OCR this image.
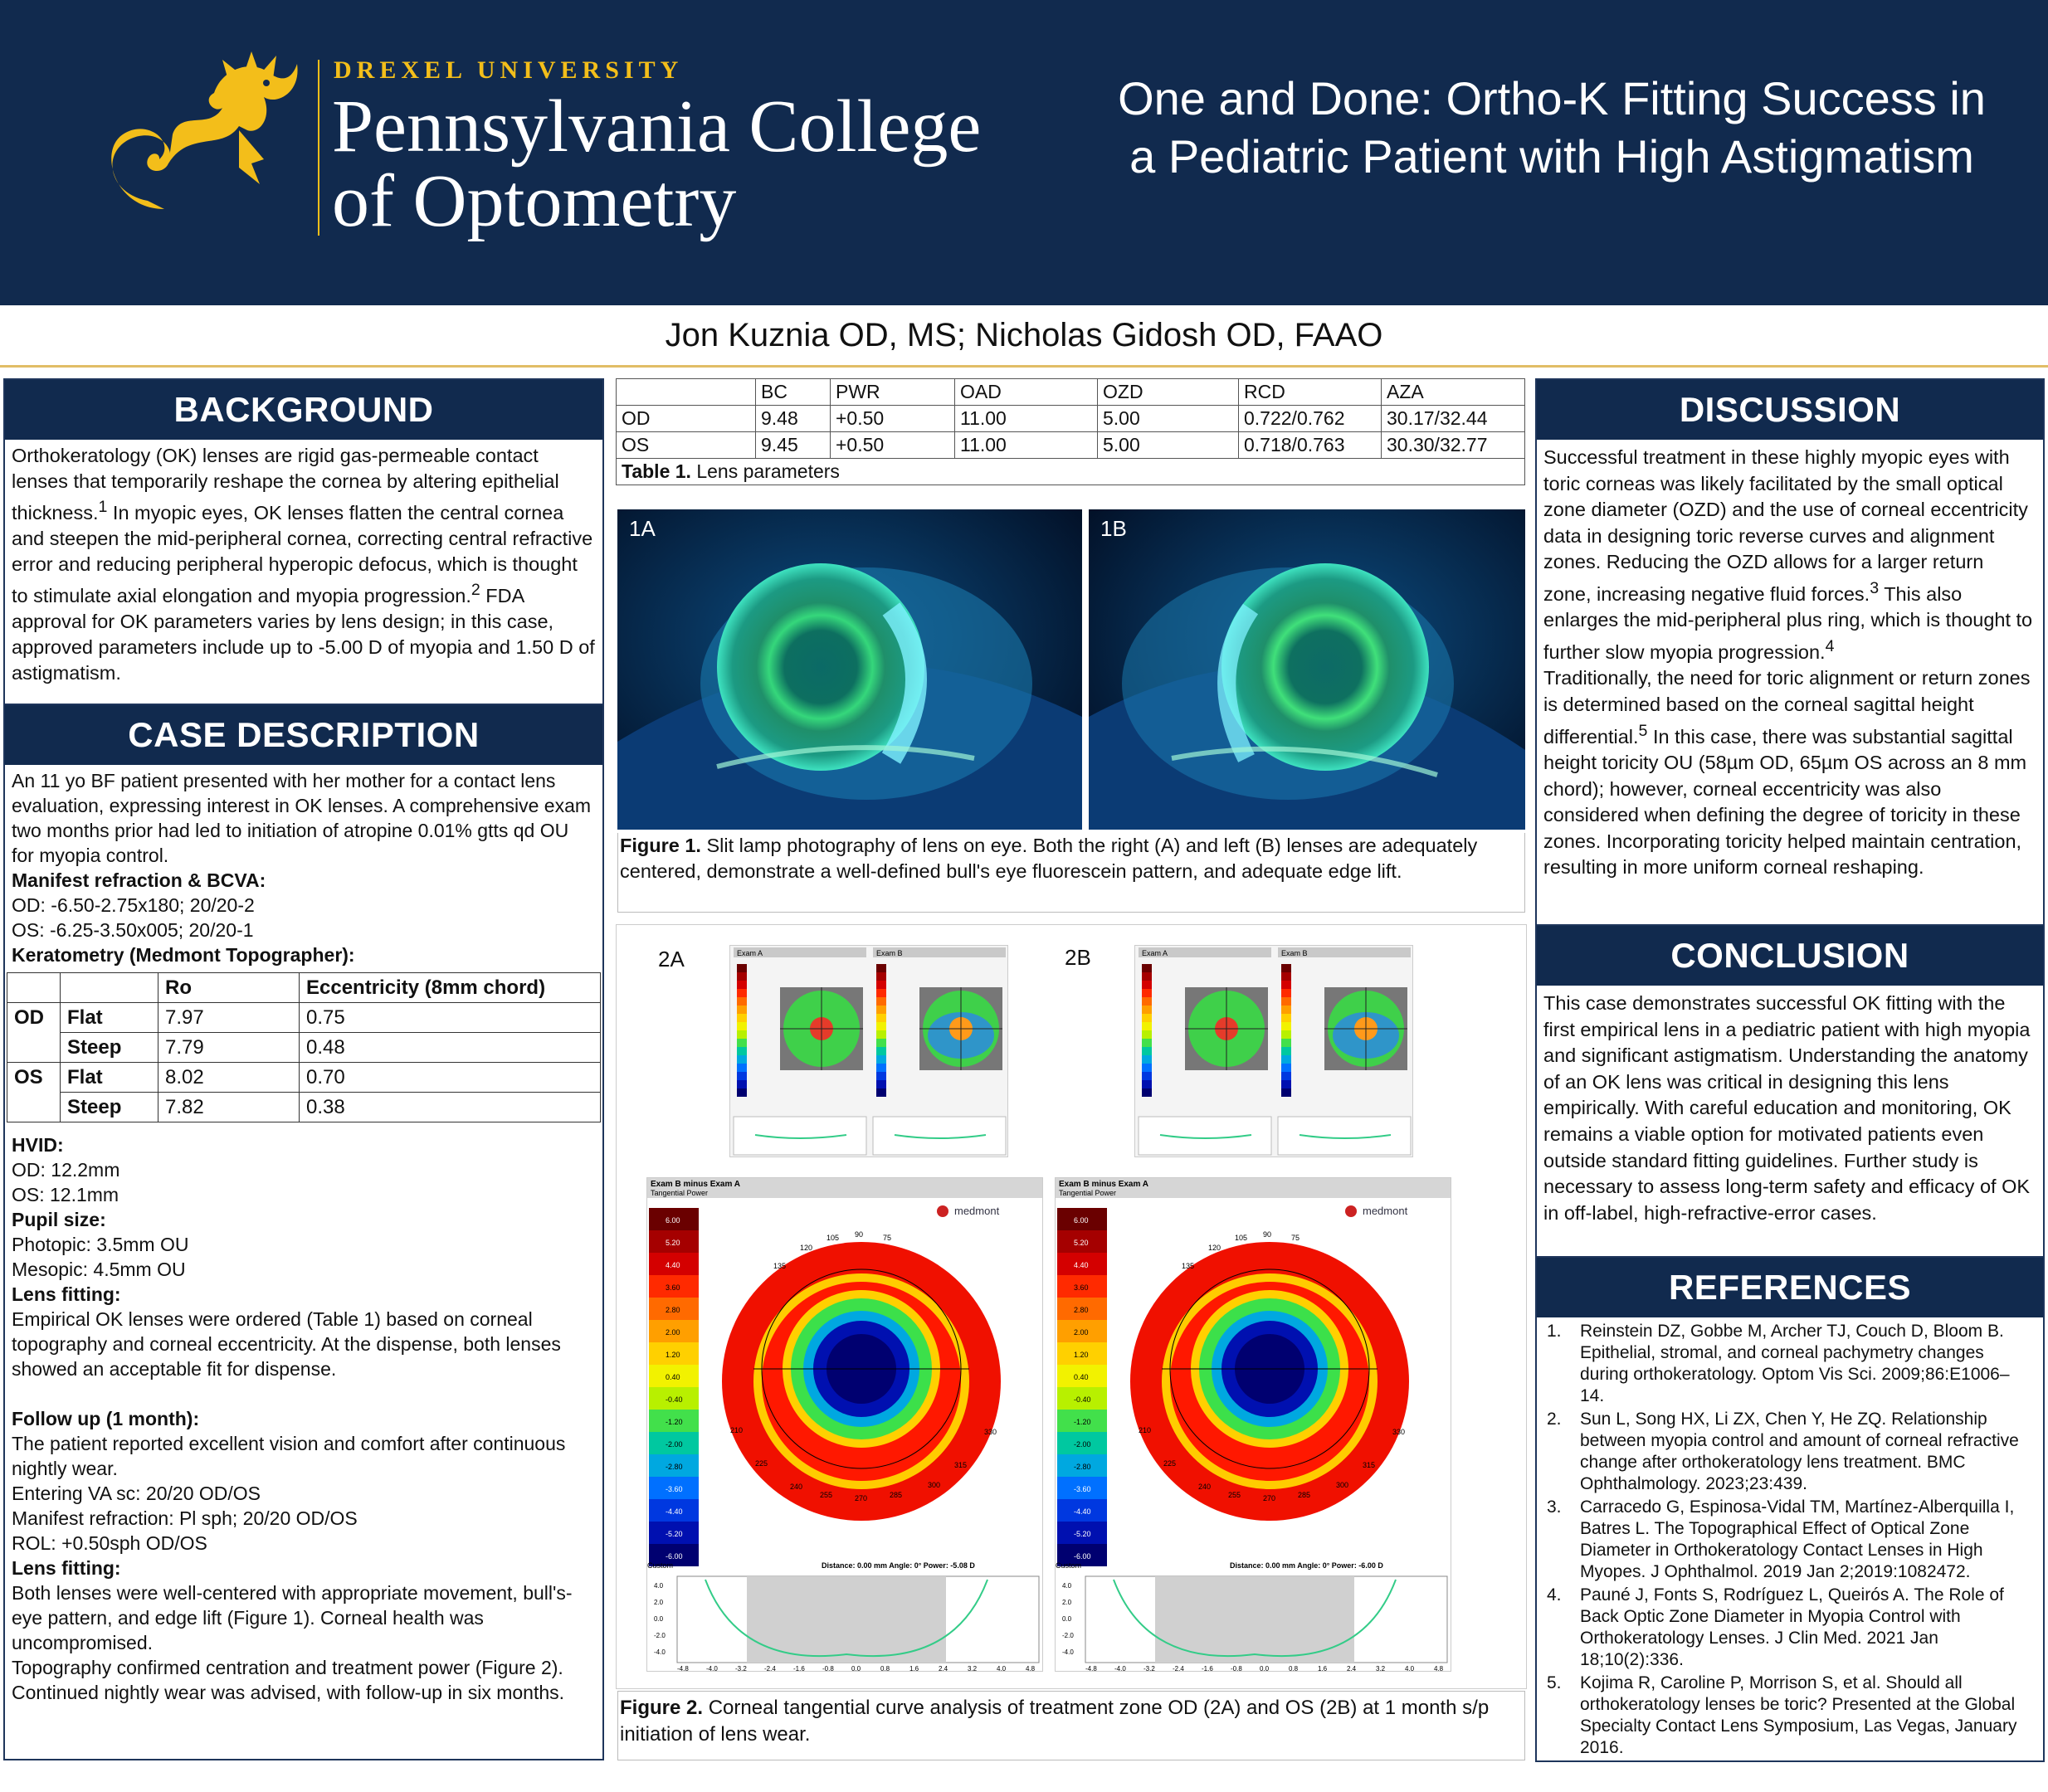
DREXEL UNIVERSITY
Pennsylvania College
of Optometry
One and Done: Ortho-K Fitting Success in
a Pediatric Patient with High Astigmatism
Jon Kuznia OD, MS; Nicholas Gidosh OD, FAAO
BACKGROUND
Orthokeratology (OK) lenses are rigid gas-permeable contact lenses that temporarily reshape the cornea by altering epithelial thickness.$^1$ In myopic eyes, OK lenses flatten the central cornea and steepen the mid-peripheral cornea, correcting central refractive error and reducing peripheral hyperopic defocus, which is thought to stimulate axial elongation and myopia progression.$^2$ FDA approval for OK parameters varies by lens design; in this case, approved parameters include up to -5.00 D of myopia and 1.50 D of astigmatism.
CASE DESCRIPTION
An 11 yo BF patient presented with her mother for a contact lens evaluation, expressing interest in OK lenses. A comprehensive exam two months prior had led to initiation of atropine 0.01% gtts qd OU for myopia control.
Manifest refraction & BCVA:
OD: -6.50-2.75x180; 20/20-2
OS: -6.25-3.50x005; 20/20-1
Keratometry (Medmont Topographer):
		Ro	Eccentricity (8mm chord)
OD	Flat	7.97	0.75
	Steep	7.79	0.48
OS	Flat	8.02	0.70
	Steep	7.82	0.38
HVID:
OD: 12.2mm
OS: 12.1mm
Pupil size:
Photopic: 3.5mm OU
Mesopic: 4.5mm OU
Lens fitting:
Empirical OK lenses were ordered (Table 1) based on corneal topography and corneal eccentricity. At the dispense, both lenses showed an acceptable fit for dispense.
Follow up (1 month):
The patient reported excellent vision and comfort after continuous nightly wear.
Entering VA sc: 20/20 OD/OS
Manifest refraction: Pl sph; 20/20 OD/OS
ROL: +0.50sph OD/OS
Lens fitting:
Both lenses were well-centered with appropriate movement, bull's-eye pattern, and edge lift (Figure 1). Corneal health was uncompromised.
Topography confirmed centration and treatment power (Figure 2).
Continued nightly wear was advised, with follow-up in six months.
	BC	PWR	OAD	OZD	RCD	AZA
OD	9.48	+0.50	11.00	5.00	0.722/0.762	30.17/32.44
OS	9.45	+0.50	11.00	5.00	0.718/0.763	30.30/32.77
Table 1. Lens parameters						
1A	1B
Figure 1. Slit lamp photography of lens on eye. Both the right (A) and left (B) lenses are adequately centered, demonstrate a well-defined bull's eye fluorescein pattern, and adequate edge lift.
2A	2B
Exam A	Exam B	Exam A	Exam B
Exam B minus Exam A
Tangential Power
medmont
6.00
5.20
4.40
3.60
2.80
2.00
1.20
0.40
-0.40
-1.20
-2.00
-2.80
-3.60
-4.40
-5.20
-6.00
90
105	75
120
135
210
225
240
255	270	285
300
315
330
Custom	Distance: 0.00 mm Angle: 0° Power: -5.08 D
4.0
2.0
0.0
-2.0
-4.0
-4.8	-4.0	-3.2	-2.4	-1.6	-0.8	0.0	0.8	1.6	2.4	3.2	4.0	4.8
Exam B minus Exam A
Tangential Power
medmont
6.00
5.20
4.40
3.60
2.80
2.00
1.20
0.40
-0.40
-1.20
-2.00
-2.80
-3.60
-4.40
-5.20
-6.00
90
105	75
120
135
210
225
240
255	270	285
300
315
330
Custom	Distance: 0.00 mm Angle: 0° Power: -6.00 D
4.0
2.0
0.0
-2.0
-4.0
-4.8	-4.0	-3.2	-2.4	-1.6	-0.8	0.0	0.8	1.6	2.4	3.2	4.0	4.8
Figure 2. Corneal tangential curve analysis of treatment zone OD (2A) and OS (2B) at 1 month s/p initiation of lens wear.
DISCUSSION
Successful treatment in these highly myopic eyes with toric corneas was likely facilitated by the small optical zone diameter (OZD) and the use of corneal eccentricity data in designing toric reverse curves and alignment zones. Reducing the OZD allows for a larger return zone, increasing negative fluid forces.$^3$ This also enlarges the mid-peripheral plus ring, which is thought to further slow myopia progression.$^4$
Traditionally, the need for toric alignment or return zones is determined based on the corneal sagittal height differential.$^5$ In this case, there was substantial sagittal height toricity OU (58µm OD, 65µm OS across an 8 mm chord); however, corneal eccentricity was also considered when defining the degree of toricity in these zones. Incorporating toricity helped maintain centration, resulting in more uniform corneal reshaping.
CONCLUSION
This case demonstrates successful OK fitting with the first empirical lens in a pediatric patient with high myopia and significant astigmatism. Understanding the anatomy of an OK lens was critical in designing this lens empirically. With careful education and monitoring, OK remains a viable option for motivated patients even outside standard fitting guidelines. Further study is necessary to assess long-term safety and efficacy of OK in off-label, high-refractive-error cases.
REFERENCES
1.	Reinstein DZ, Gobbe M, Archer TJ, Couch D, Bloom B. Epithelial, stromal, and corneal pachymetry changes during orthokeratology. Optom Vis Sci. 2009;86:E1006–14.
2.	Sun L, Song HX, Li ZX, Chen Y, He ZQ. Relationship between myopia control and amount of corneal refractive change after orthokeratology lens treatment. BMC Ophthalmology. 2023;23:439.
3.	Carracedo G, Espinosa-Vidal TM, Martínez-Alberquilla I, Batres L. The Topographical Effect of Optical Zone Diameter in Orthokeratology Contact Lenses in High Myopes. J Ophthalmol. 2019 Jan 2;2019:1082472.
4.	Pauné J, Fonts S, Rodríguez L, Queirós A. The Role of Back Optic Zone Diameter in Myopia Control with Orthokeratology Lenses. J Clin Med. 2021 Jan 18;10(2):336.
5.	Kojima R, Caroline P, Morrison S, et al. Should all orthokeratology lenses be toric? Presented at the Global Specialty Contact Lens Symposium, Las Vegas, January 2016.
